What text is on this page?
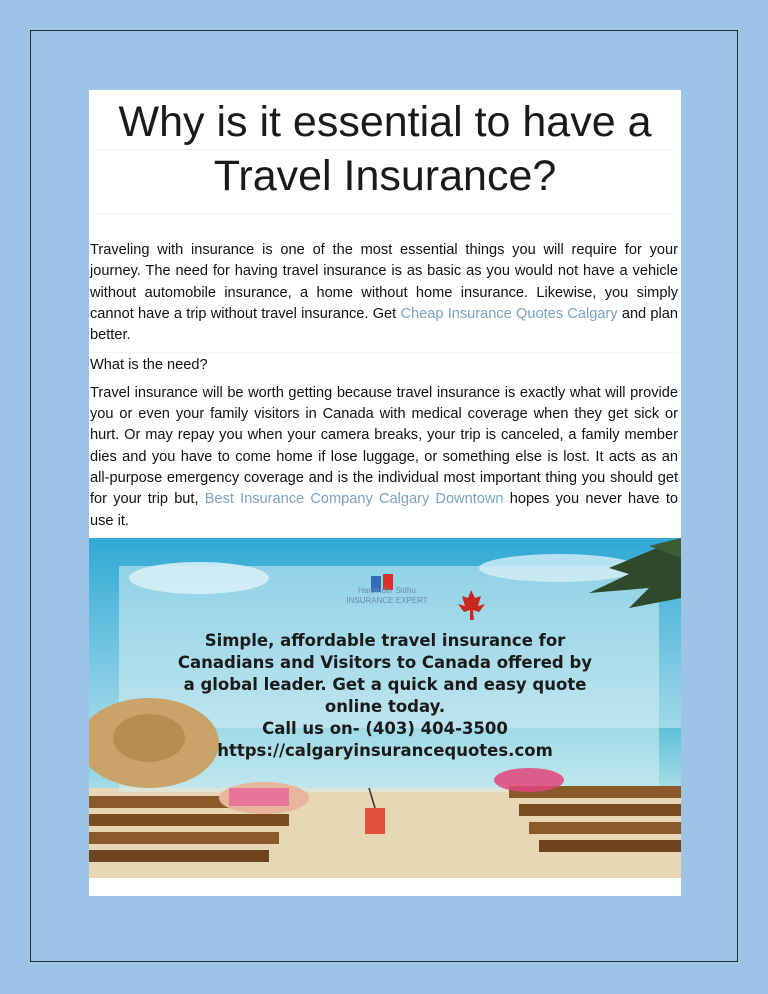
Why is it essential to have a
Travel Insurance?

Traveling with insurance is one of the most essential things you will require for your journey. The need for having travel insurance is as basic as you would not have a vehicle without automobile insurance, a home without home insurance. Likewise, you simply cannot have a trip without travel insurance. Get Cheap Insurance Quotes Calgary and plan better.

What is the need?

Travel insurance will be worth getting because travel insurance is exactly what will provide you or even your family visitors in Canada with medical coverage when they get sick or hurt. Or may repay you when your camera breaks, your trip is canceled, a family member dies and you have to come home if lose luggage, or something else is lost. It acts as an all-purpose emergency coverage and is the individual most important thing you should get for your trip but, Best Insurance Company Calgary Downtown hopes you never have to use it.

Harpinder Sidhu
INSURANCE EXPERT
Simple, affordable travel insurance for
Canadians and Visitors to Canada offered by
a global leader. Get a quick and easy quote
online today.
Call us on- (403) 404-3500
https://calgaryinsurancequotes.com
